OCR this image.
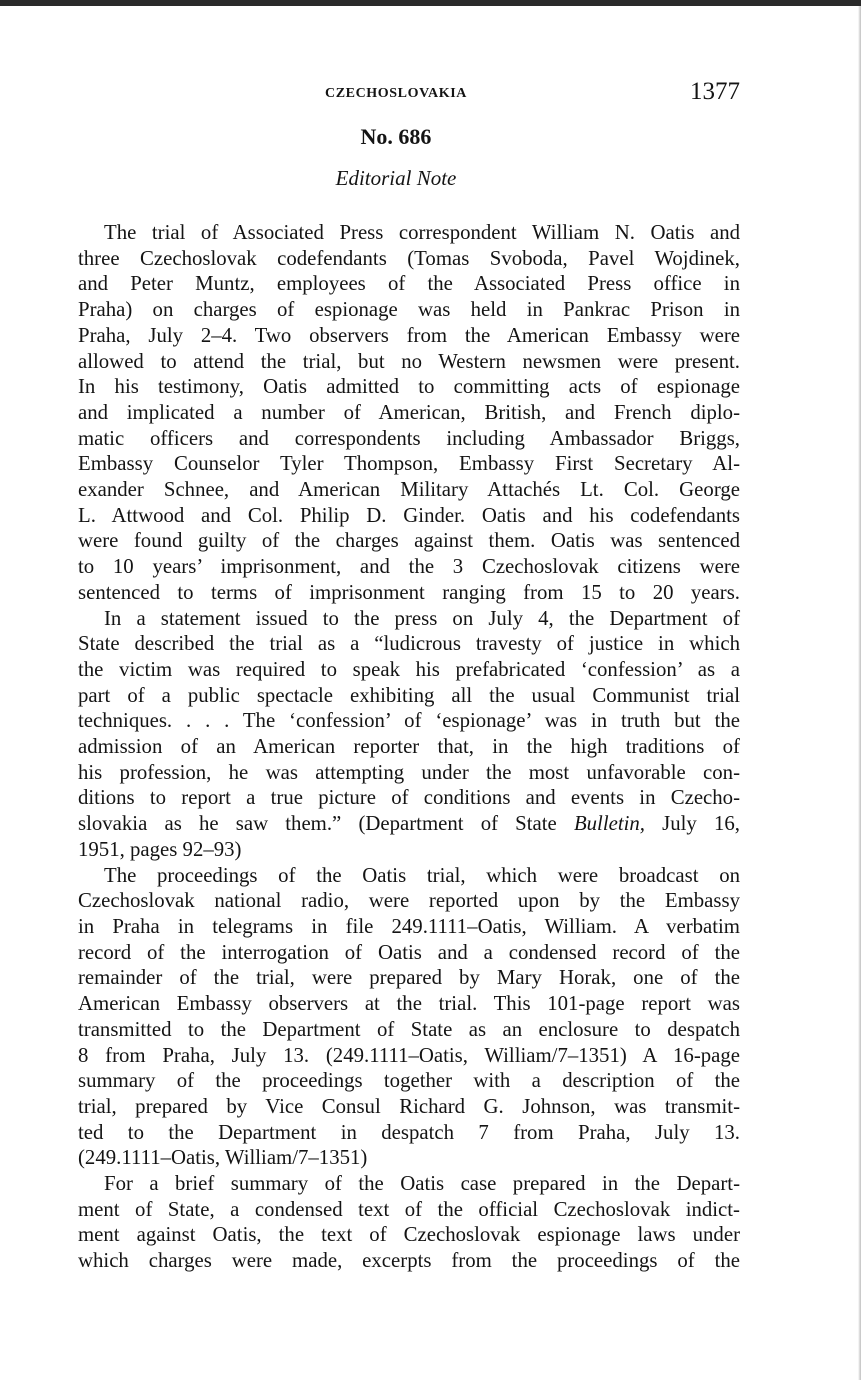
CZECHOSLOVAKIA	1377
No. 686
Editorial Note
The trial of Associated Press correspondent William N. Oatis and
three Czechoslovak codefendants (Tomas Svoboda, Pavel Wojdinek,
and Peter Muntz, employees of the Associated Press office in
Praha) on charges of espionage was held in Pankrac Prison in
Praha, July 2–4. Two observers from the American Embassy were
allowed to attend the trial, but no Western newsmen were present.
In his testimony, Oatis admitted to committing acts of espionage
and implicated a number of American, British, and French diplo-
matic officers and correspondents including Ambassador Briggs,
Embassy Counselor Tyler Thompson, Embassy First Secretary Al-
exander Schnee, and American Military Attachés Lt. Col. George
L. Attwood and Col. Philip D. Ginder. Oatis and his codefendants
were found guilty of the charges against them. Oatis was sentenced
to 10 years’ imprisonment, and the 3 Czechoslovak citizens were
sentenced to terms of imprisonment ranging from 15 to 20 years.
In a statement issued to the press on July 4, the Department of
State described the trial as a “ludicrous travesty of justice in which
the victim was required to speak his prefabricated ‘confession’ as a
part of a public spectacle exhibiting all the usual Communist trial
techniques. . . . The ‘confession’ of ‘espionage’ was in truth but the
admission of an American reporter that, in the high traditions of
his profession, he was attempting under the most unfavorable con-
ditions to report a true picture of conditions and events in Czecho-
slovakia as he saw them.” (Department of State Bulletin, July 16,
1951, pages 92–93)
The proceedings of the Oatis trial, which were broadcast on
Czechoslovak national radio, were reported upon by the Embassy
in Praha in telegrams in file 249.1111–Oatis, William. A verbatim
record of the interrogation of Oatis and a condensed record of the
remainder of the trial, were prepared by Mary Horak, one of the
American Embassy observers at the trial. This 101-page report was
transmitted to the Department of State as an enclosure to despatch
8 from Praha, July 13. (249.1111–Oatis, William/7–1351) A 16-page
summary of the proceedings together with a description of the
trial, prepared by Vice Consul Richard G. Johnson, was transmit-
ted to the Department in despatch 7 from Praha, July 13.
(249.1111–Oatis, William/7–1351)
For a brief summary of the Oatis case prepared in the Depart-
ment of State, a condensed text of the official Czechoslovak indict-
ment against Oatis, the text of Czechoslovak espionage laws under
which charges were made, excerpts from the proceedings of the
